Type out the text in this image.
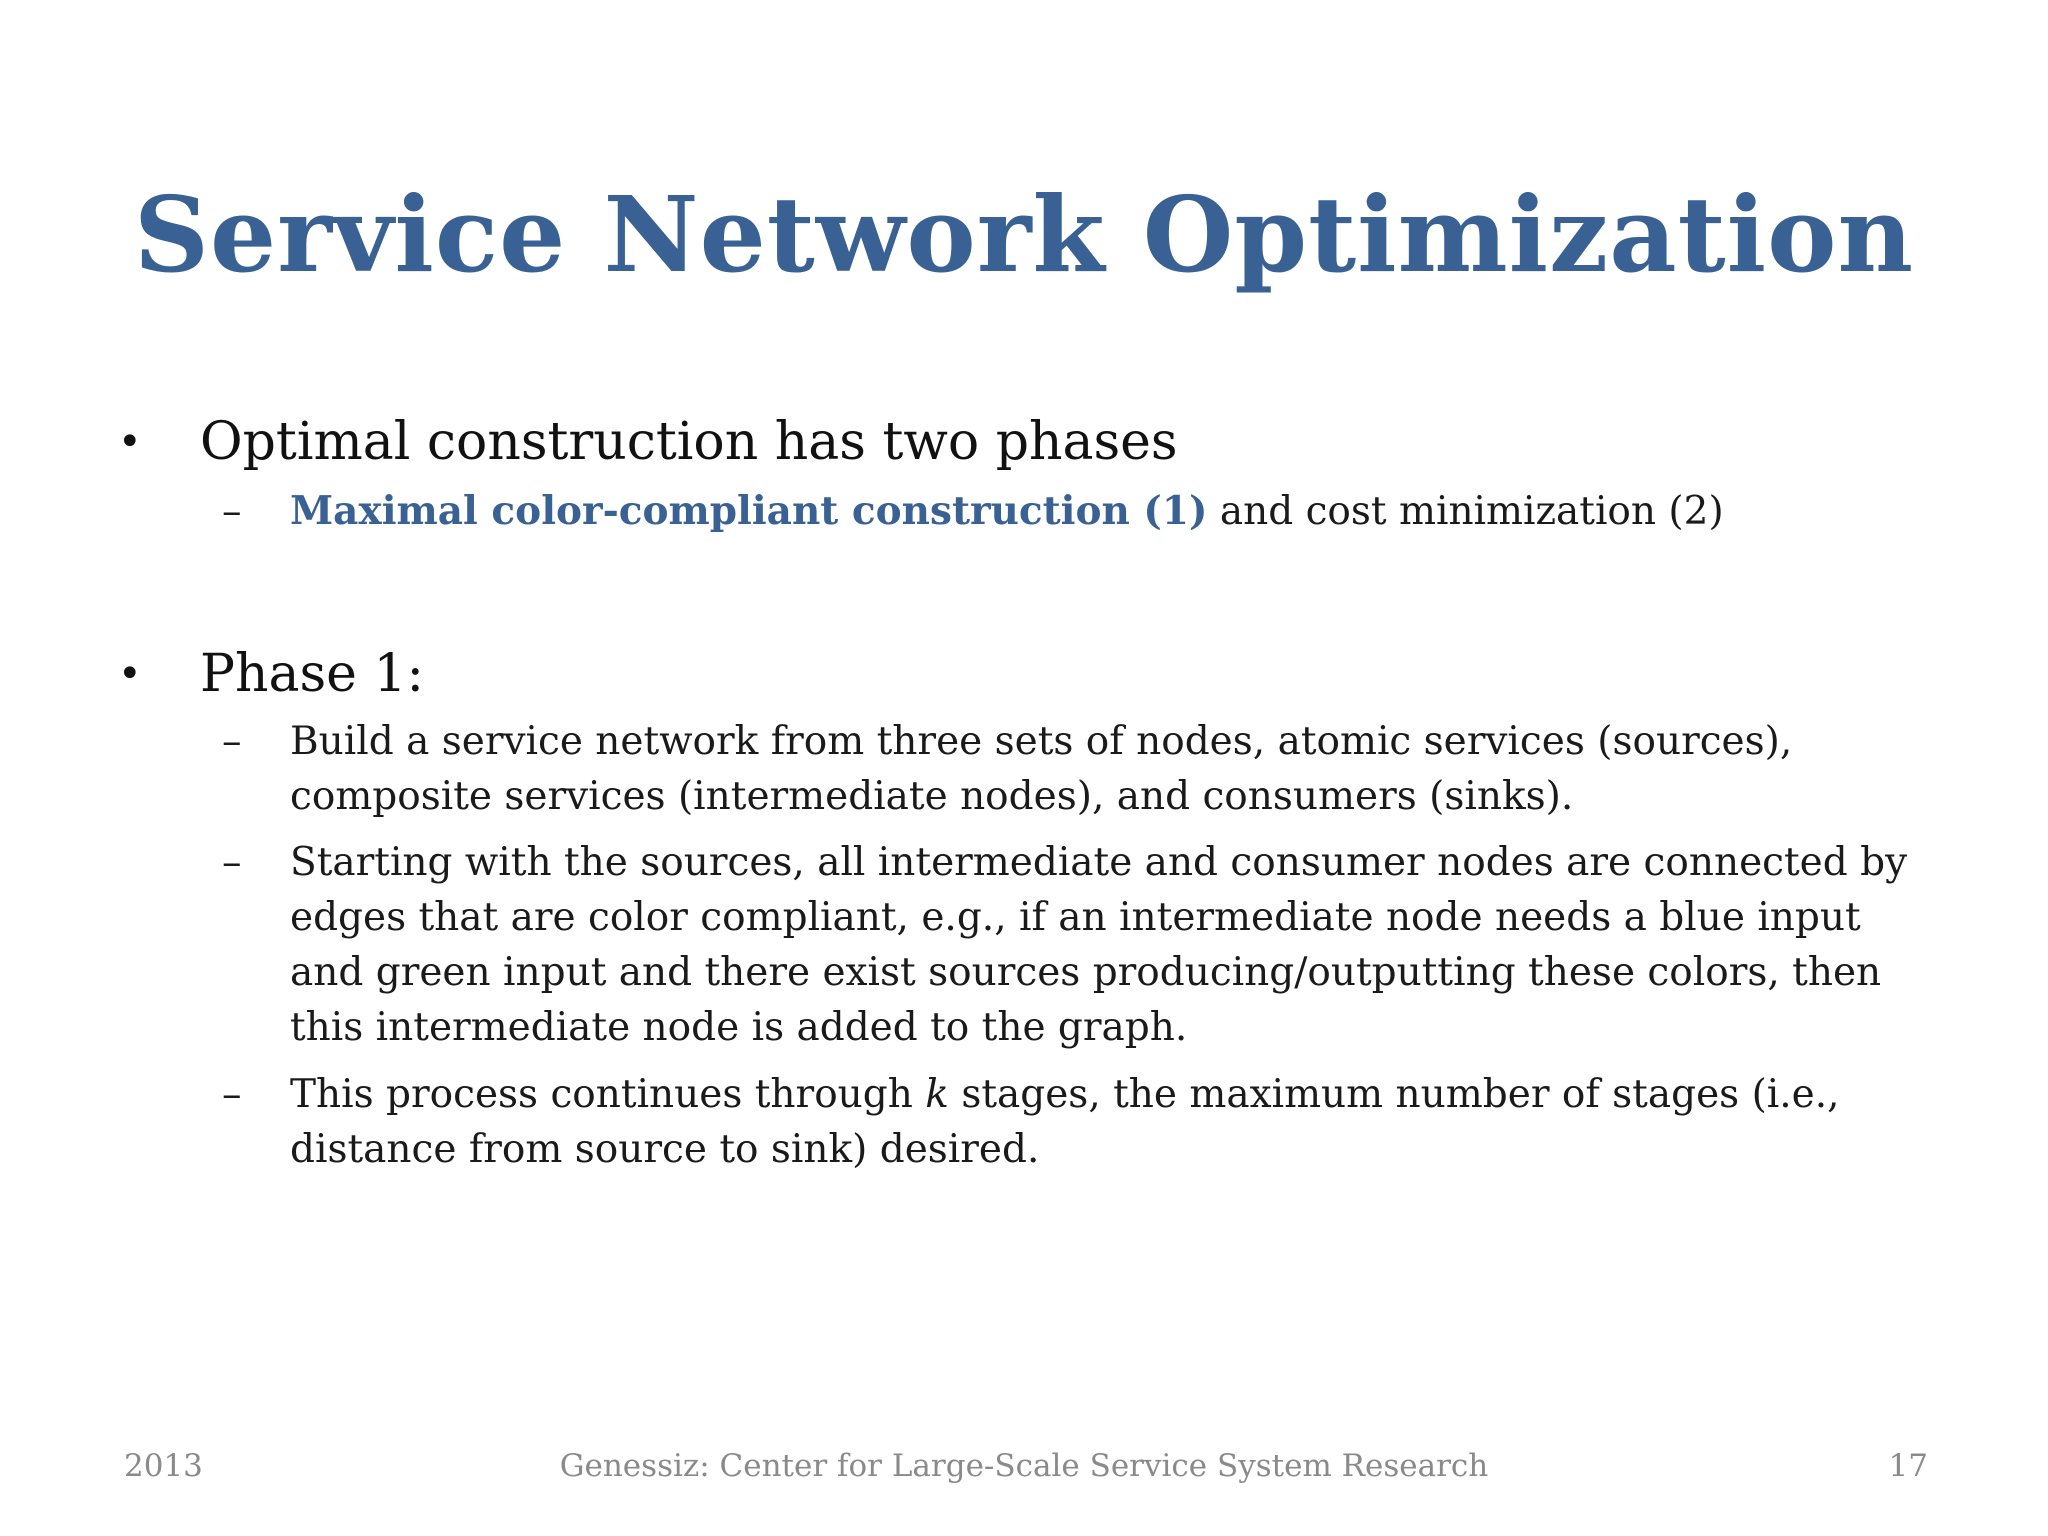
Service Network Optimization
• Optimal construction has two phases
– Maximal color-compliant construction (1) and cost minimization (2)
• Phase 1:
– Build a service network from three sets of nodes, atomic services (sources), composite services (intermediate nodes), and consumers (sinks).
– Starting with the sources, all intermediate and consumer nodes are connected by edges that are color compliant, e.g., if an intermediate node needs a blue input and green input and there exist sources producing/outputting these colors, then this intermediate node is added to the graph.
– This process continues through k stages, the maximum number of stages (i.e., distance from source to sink) desired.
2013	Genessiz: Center for Large-Scale Service System Research	17
